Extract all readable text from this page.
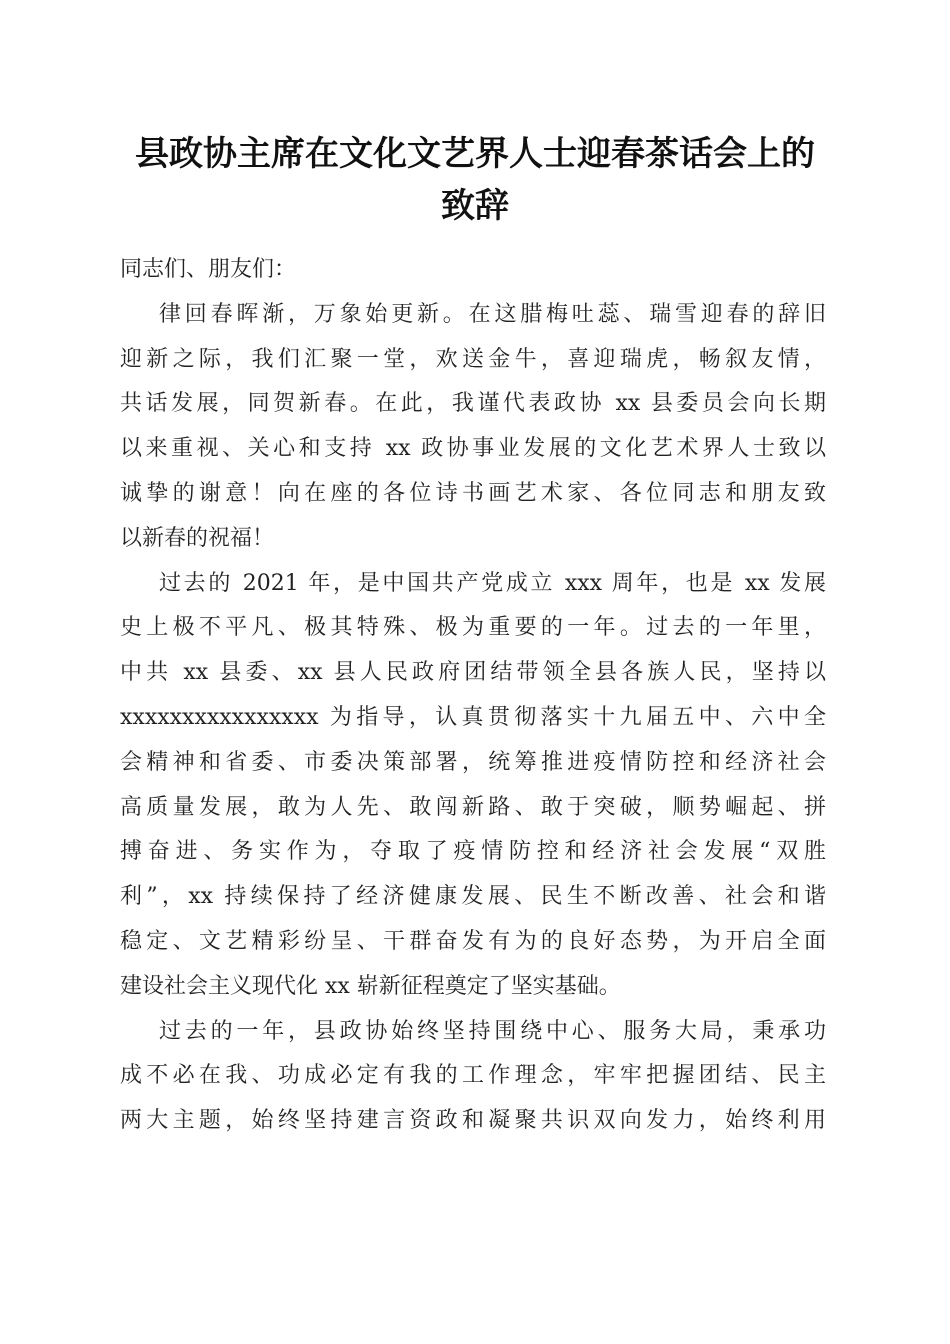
县政协主席在文化文艺界人士迎春茶话会上的
致辞
同志们、朋友们：
律回春晖渐，万象始更新。在这腊梅吐蕊、瑞雪迎春的辞旧
迎新之际，我们汇聚一堂，欢送金牛，喜迎瑞虎，畅叙友情，
共话发展，同贺新春。在此，我谨代表政协 xx 县委员会向长期
以来重视、关心和支持 xx 政协事业发展的文化艺术界人士致以
诚挚的谢意！向在座的各位诗书画艺术家、各位同志和朋友致
以新春的祝福！
过去的 2021 年，是中国共产党成立 xxx 周年，也是 xx 发展
史上极不平凡、极其特殊、极为重要的一年。过去的一年里，
中共 xx 县委、xx 县人民政府团结带领全县各族人民，坚持以
xxxxxxxxxxxxxxxx 为指导，认真贯彻落实十九届五中、六中全
会精神和省委、市委决策部署，统筹推进疫情防控和经济社会
高质量发展，敢为人先、敢闯新路、敢于突破，顺势崛起、拼
搏奋进、务实作为，夺取了疫情防控和经济社会发展“双胜
利”，xx 持续保持了经济健康发展、民生不断改善、社会和谐
稳定、文艺精彩纷呈、干群奋发有为的良好态势，为开启全面
建设社会主义现代化 xx 崭新征程奠定了坚实基础。
过去的一年，县政协始终坚持围绕中心、服务大局，秉承功
成不必在我、功成必定有我的工作理念，牢牢把握团结、民主
两大主题，始终坚持建言资政和凝聚共识双向发力，始终利用
